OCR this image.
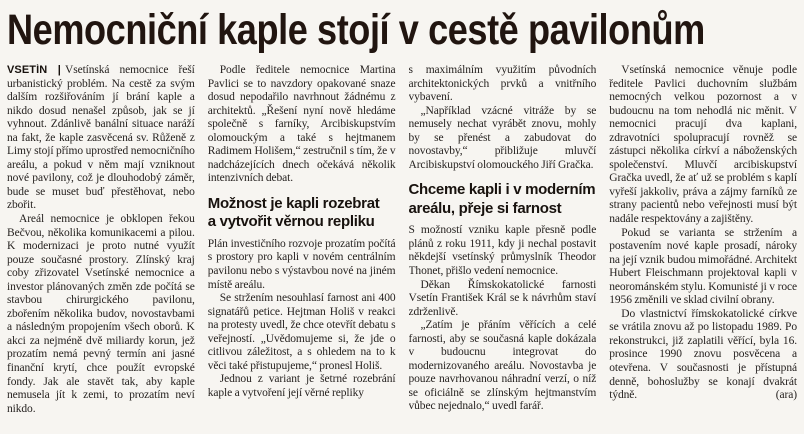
Nemocniční kaple stojí v cestě pavilonům

VSETÍN | Vsetínská nemocnice řeší urbanistický problém. Na cestě za svým dalším rozšiřováním jí brání kaple a nikdo dosud nenašel způsob, jak se jí vyhnout. Zdánlivě banální situace naráží na fakt, že kaple zasvěcená sv. Růženě z Limy stojí přímo uprostřed nemocničního areálu, a pokud v něm mají vzniknout nové pavilony, což je dlouhodobý záměr, bude se muset buď přestěhovat, nebo zbořit.

Areál nemocnice je obklopen řekou Bečvou, několika komunikacemi a pilou. K modernizaci je proto nutné využít pouze současné prostory. Zlínský kraj coby zřizovatel Vsetínské nemocnice a investor plánovaných změn zde počítá se stavbou chirurgického pavilonu, zbořením několika budov, novostavbami a následným propojením všech oborů. K akci za nejméně dvě miliardy korun, jež prozatím nemá pevný termín ani jasné finanční krytí, chce použít evropské fondy. Jak ale stavět tak, aby kaple nemusela jít k zemi, to prozatím neví nikdo.

Podle ředitele nemocnice Martina Pavlici se to navzdory opakované snaze dosud nepodařilo navrhnout žádnému z architektů. „Řešení nyní nově hledáme společně s farníky, Arcibiskupstvím olomouckým a také s hejtmanem Radimem Holišem,“ zestručnil s tím, že v nadcházejících dnech očekává několik intenzivních debat.

Možnost je kapli rozebrat
a vytvořit věrnou repliku

Plán investičního rozvoje prozatím počítá s prostory pro kapli v novém centrálním pavilonu nebo s výstavbou nové na jiném místě areálu.

Se stržením nesouhlasí farnost ani 400 signatářů petice. Hejtman Holiš v reakci na protesty uvedl, že chce otevřít debatu s veřejností. „Uvědomujeme si, že jde o citlivou záležitost, a s ohledem na to k věci také přistupujeme,“ pronesl Holiš.

Jednou z variant je šetrné rozebrání kaple a vytvoření její věrné repliky

s maximálním využitím původních architektonických prvků a vnitřního vybavení.

„Například vzácné vitráže by se nemusely nechat vyrábět znovu, mohly by se přenést a zabudovat do novostavby,“ přibližuje mluvčí Arcibiskupství olomouckého Jiří Gračka.

Chceme kapli i v moderním
areálu, přeje si farnost

S možností vzniku kaple přesně podle plánů z roku 1911, kdy ji nechal postavit někdejší vsetínský průmyslník Theodor Thonet, přišlo vedení nemocnice.

Děkan Římskokatolické farnosti Vsetín František Král se k návrhům staví zdrženlivě.

„Zatím je přáním věřících a celé farnosti, aby se současná kaple dokázala v budoucnu integrovat do modernizovaného areálu. Novostavba je pouze navrhovanou náhradní verzí, o níž se oficiálně se zlínským hejtmanstvím vůbec nejednalo,“ uvedl farář.

Vsetínská nemocnice věnuje podle ředitele Pavlici duchovním službám nemocných velkou pozornost a v budoucnu na tom nehodlá nic měnit. V nemocnici pracují dva kaplani, zdravotníci spolupracují rovněž se zástupci několika církví a náboženských společenství. Mluvčí arcibiskupství Gračka uvedl, že ať už se problém s kaplí vyřeší jakkoliv, práva a zájmy farníků ze strany pacientů nebo veřejnosti musí být nadále respektovány a zajištěny.

Pokud se varianta se stržením a postavením nové kaple prosadí, nároky na její vznik budou mimořádné. Architekt Hubert Fleischmann projektoval kapli v neorománském stylu. Komunisté ji v roce 1956 změnili ve sklad civilní obrany.

Do vlastnictví římskokatolické církve se vrátila znovu až po listopadu 1989. Po rekonstrukci, již zaplatili věřící, byla 16. prosince 1990 znovu posvěcena a otevřena. V současnosti je přístupná denně, bohoslužby se konají dvakrát týdně.	(ara)
